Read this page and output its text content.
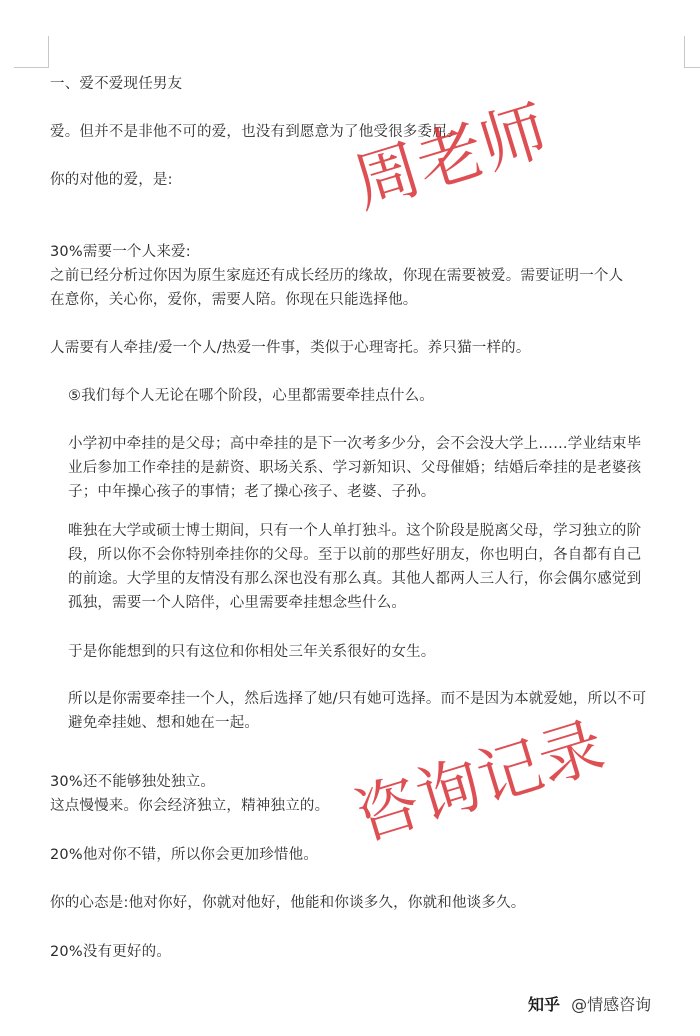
一、爱不爱现任男友
爱。但并不是非他不可的爱，也没有到愿意为了他受很多委屈。
你的对他的爱，是:
30%需要一个人来爱:
之前已经分析过你因为原生家庭还有成长经历的缘故，你现在需要被爱。需要证明一个人
在意你，关心你，爱你，需要人陪。你现在只能选择他。
人需要有人牵挂/爱一个人/热爱一件事，类似于心理寄托。养只猫一样的。
⑤我们每个人无论在哪个阶段，心里都需要牵挂点什么。
小学初中牵挂的是父母；高中牵挂的是下一次考多少分，会不会没大学上……学业结束毕
业后参加工作牵挂的是薪资、职场关系、学习新知识、父母催婚；结婚后牵挂的是老婆孩
子；中年操心孩子的事情；老了操心孩子、老婆、子孙。
唯独在大学或硕士博士期间，只有一个人单打独斗。这个阶段是脱离父母，学习独立的阶
段，所以你不会你特别牵挂你的父母。至于以前的那些好朋友，你也明白，各自都有自己
的前途。大学里的友情没有那么深也没有那么真。其他人都两人三人行，你会偶尔感觉到
孤独，需要一个人陪伴，心里需要牵挂想念些什么。
于是你能想到的只有这位和你相处三年关系很好的女生。
所以是你需要牵挂一个人，然后选择了她/只有她可选择。而不是因为本就爱她，所以不可
避免牵挂她、想和她在一起。
30%还不能够独处独立。
这点慢慢来。你会经济独立，精神独立的。
20%他对你不错，所以你会更加珍惜他。
你的心态是:他对你好，你就对他好，他能和你谈多久，你就和他谈多久。
20%没有更好的。
周老师
咨询记录
知乎 @情感咨询
